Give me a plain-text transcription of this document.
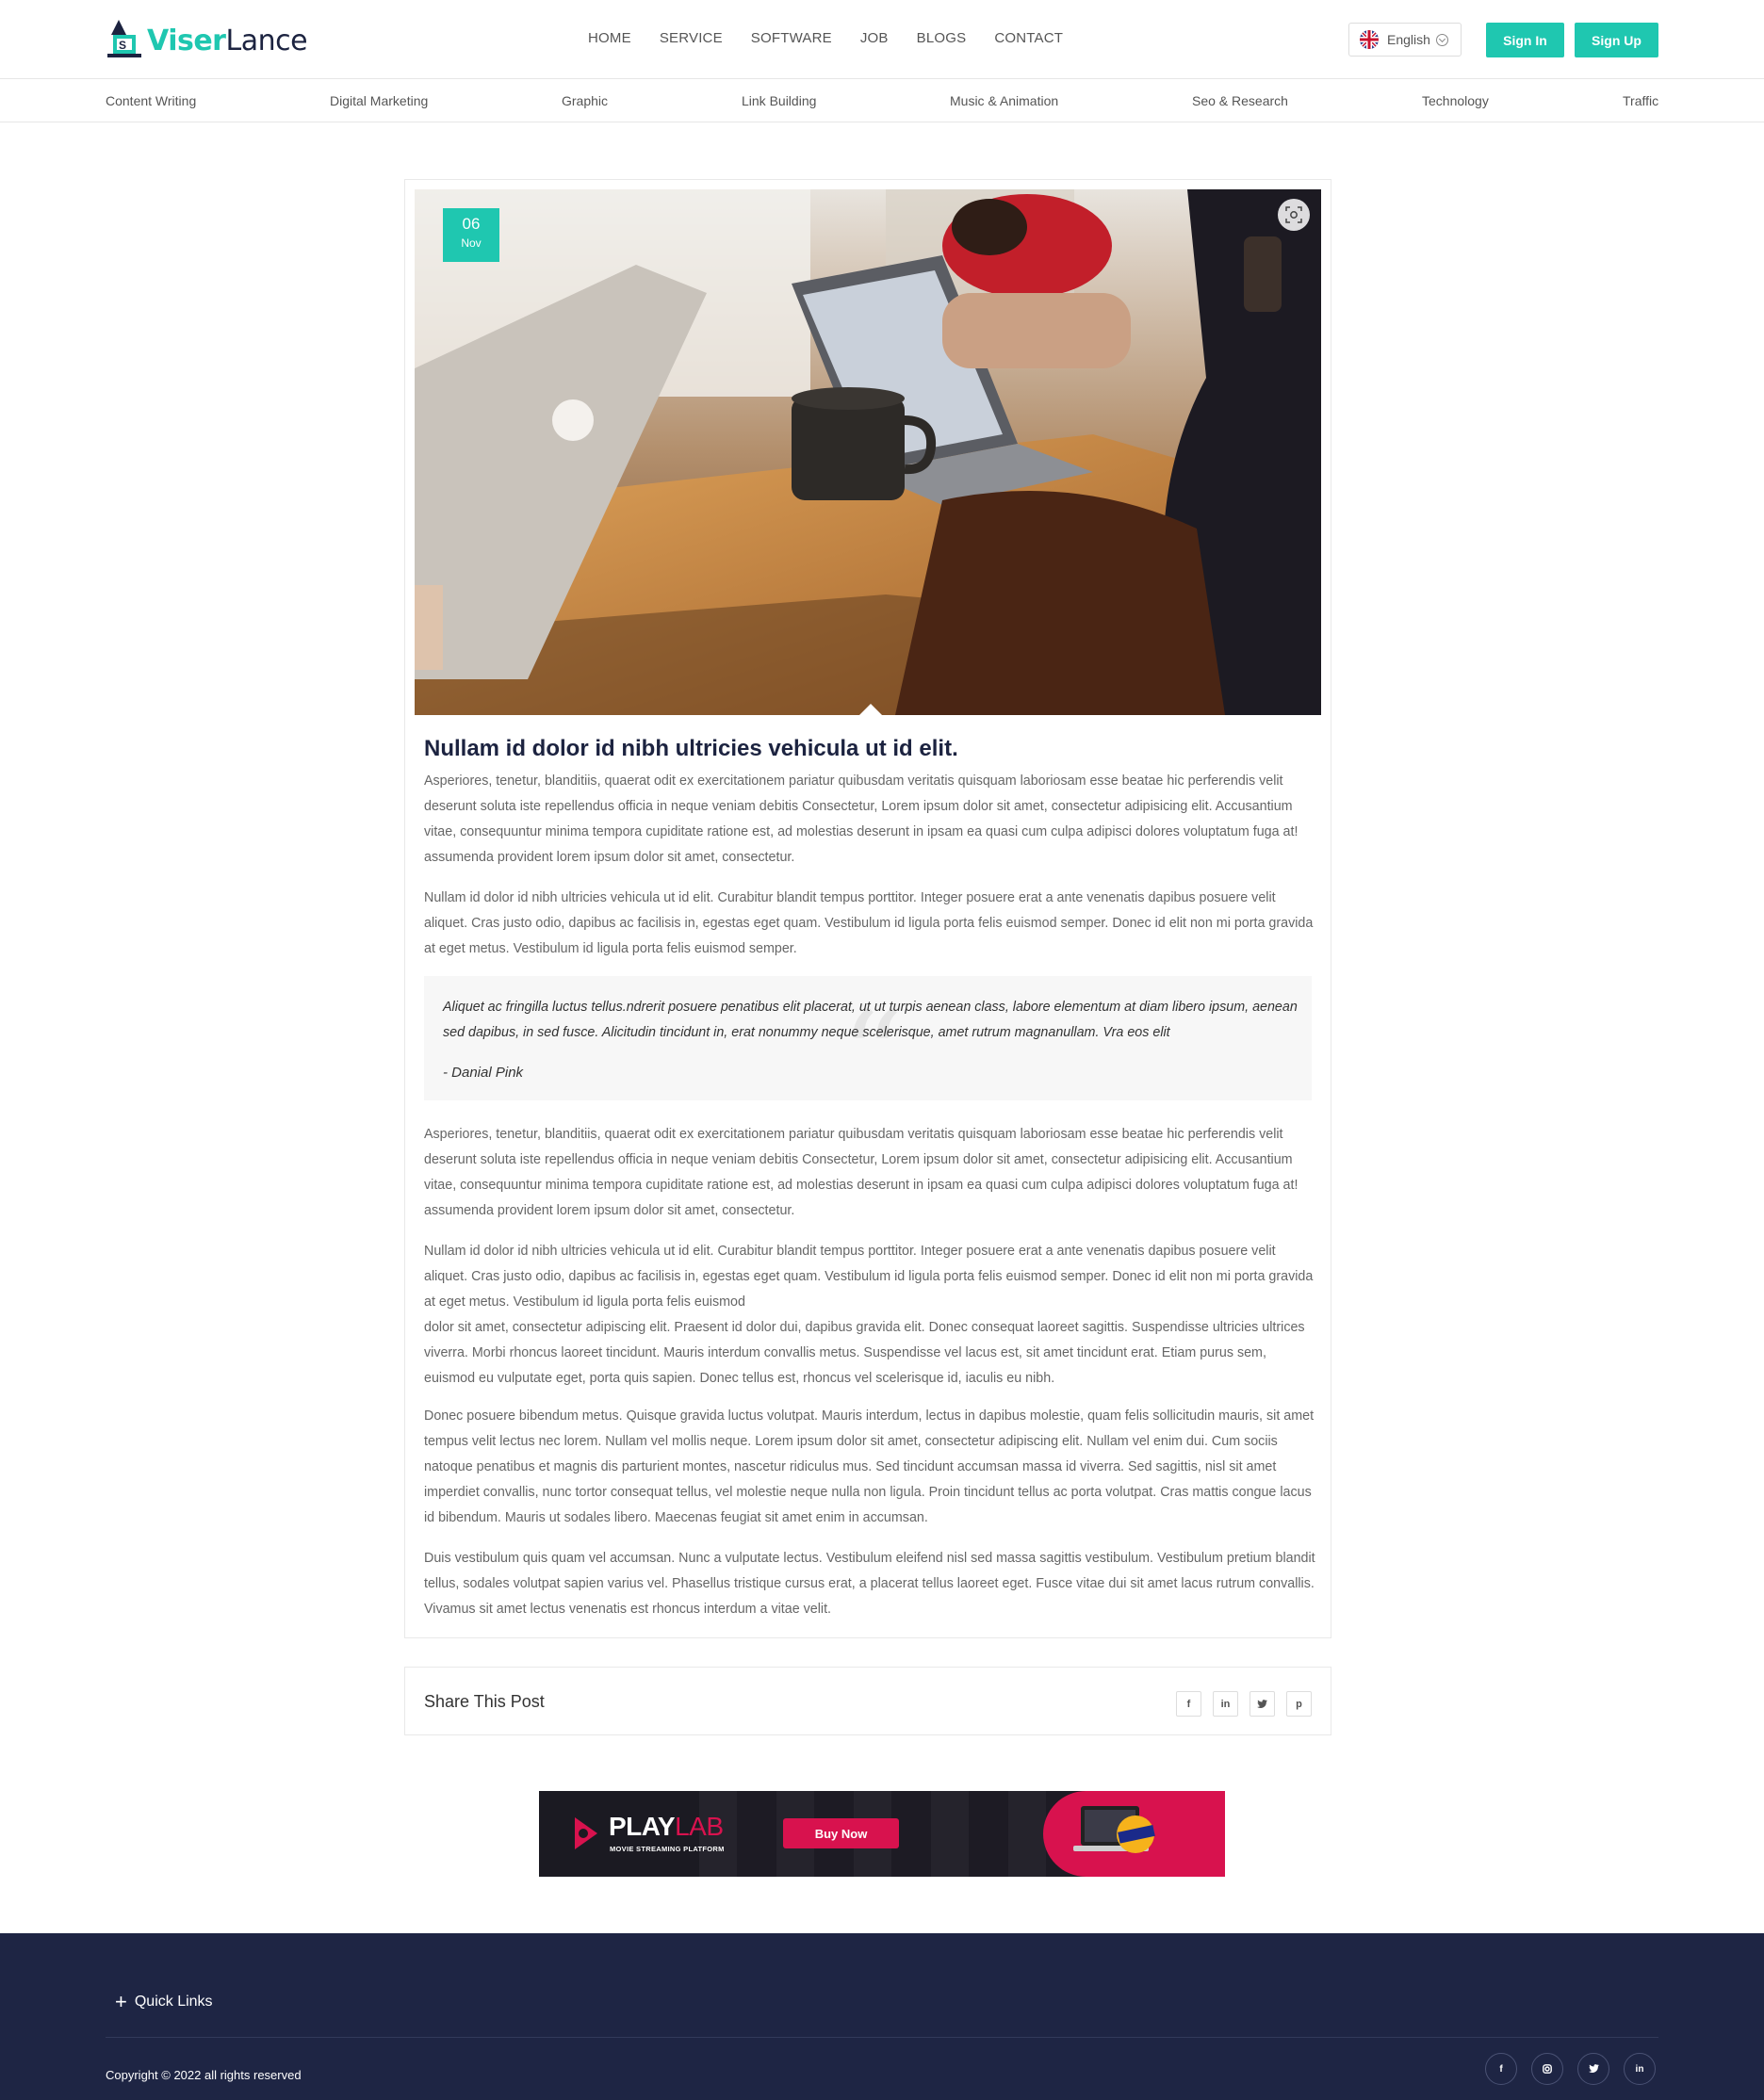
S ViserLance	HOME SERVICE SOFTWARE JOB BLOGS CONTACT	English	Sign In	Sign Up
Content Writing	Digital Marketing	Graphic	Link Building	Music & Animation	Seo & Research	Technology	Traffic
06
Nov
Nullam id dolor id nibh ultricies vehicula ut id elit.

Asperiores, tenetur, blanditiis, quaerat odit ex exercitationem pariatur quibusdam veritatis quisquam laboriosam esse beatae hic perferendis velit deserunt soluta iste repellendus officia in neque veniam debitis Consectetur, Lorem ipsum dolor sit amet, consectetur adipisicing elit. Accusantium vitae, consequuntur minima tempora cupiditate ratione est, ad molestias deserunt in ipsam ea quasi cum culpa adipisci dolores voluptatum fuga at! assumenda provident lorem ipsum dolor sit amet, consectetur.

Nullam id dolor id nibh ultricies vehicula ut id elit. Curabitur blandit tempus porttitor. Integer posuere erat a ante venenatis dapibus posuere velit aliquet. Cras justo odio, dapibus ac facilisis in, egestas eget quam. Vestibulum id ligula porta felis euismod semper. Donec id elit non mi porta gravida at eget metus. Vestibulum id ligula porta felis euismod semper.

“

Aliquet ac fringilla luctus tellus.ndrerit posuere penatibus elit placerat, ut ut turpis aenean class, labore elementum at diam libero ipsum, aenean sed dapibus, in sed fusce. Alicitudin tincidunt in, erat nonummy neque scelerisque, amet rutrum magnanullam. Vra eos elit

- Danial Pink

Asperiores, tenetur, blanditiis, quaerat odit ex exercitationem pariatur quibusdam veritatis quisquam laboriosam esse beatae hic perferendis velit deserunt soluta iste repellendus officia in neque veniam debitis Consectetur, Lorem ipsum dolor sit amet, consectetur adipisicing elit. Accusantium vitae, consequuntur minima tempora cupiditate ratione est, ad molestias deserunt in ipsam ea quasi cum culpa adipisci dolores voluptatum fuga at! assumenda provident lorem ipsum dolor sit amet, consectetur.

Nullam id dolor id nibh ultricies vehicula ut id elit. Curabitur blandit tempus porttitor. Integer posuere erat a ante venenatis dapibus posuere velit aliquet. Cras justo odio, dapibus ac facilisis in, egestas eget quam. Vestibulum id ligula porta felis euismod semper. Donec id elit non mi porta gravida at eget metus. Vestibulum id ligula porta felis euismod

dolor sit amet, consectetur adipiscing elit. Praesent id dolor dui, dapibus gravida elit. Donec consequat laoreet sagittis. Suspendisse ultricies ultrices viverra. Morbi rhoncus laoreet tincidunt. Mauris interdum convallis metus. Suspendisse vel lacus est, sit amet tincidunt erat. Etiam purus sem, euismod eu vulputate eget, porta quis sapien. Donec tellus est, rhoncus vel scelerisque id, iaculis eu nibh.

Donec posuere bibendum metus. Quisque gravida luctus volutpat. Mauris interdum, lectus in dapibus molestie, quam felis sollicitudin mauris, sit amet tempus velit lectus nec lorem. Nullam vel mollis neque. Lorem ipsum dolor sit amet, consectetur adipiscing elit. Nullam vel enim dui. Cum sociis natoque penatibus et magnis dis parturient montes, nascetur ridiculus mus. Sed tincidunt accumsan massa id viverra. Sed sagittis, nisl sit amet imperdiet convallis, nunc tortor consequat tellus, vel molestie neque nulla non ligula. Proin tincidunt tellus ac porta volutpat. Cras mattis congue lacus id bibendum. Mauris ut sodales libero. Maecenas feugiat sit amet enim in accumsan.

Duis vestibulum quis quam vel accumsan. Nunc a vulputate lectus. Vestibulum eleifend nisl sed massa sagittis vestibulum. Vestibulum pretium blandit tellus, sodales volutpat sapien varius vel. Phasellus tristique cursus erat, a placerat tellus laoreet eget. Fusce vitae dui sit amet lacus rutrum convallis. Vivamus sit amet lectus venenatis est rhoncus interdum a vitae velit.

Share This Post	f	in	p
PLAYLAB
MOVIE STREAMING PLATFORM
Buy Now
+ Quick Links
Copyright © 2022 all rights reserved	f	in
